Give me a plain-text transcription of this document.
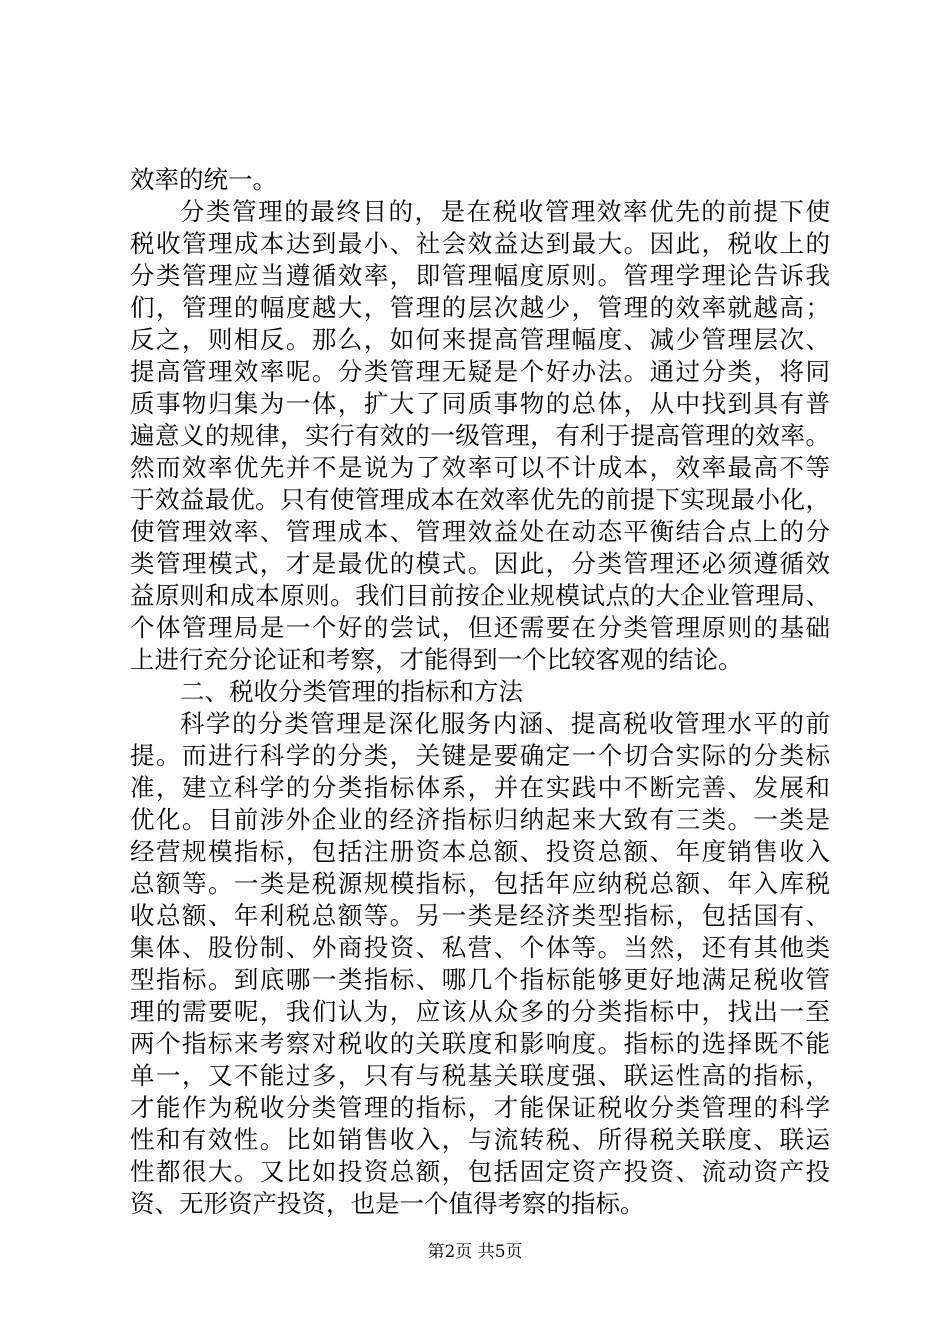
效率的统一。
分类管理的最终目的，是在税收管理效率优先的前提下使
税收管理成本达到最小、社会效益达到最大。因此，税收上的
分类管理应当遵循效率，即管理幅度原则。管理学理论告诉我
们，管理的幅度越大，管理的层次越少，管理的效率就越高；
反之，则相反。那么，如何来提高管理幅度、减少管理层次、
提高管理效率呢。分类管理无疑是个好办法。通过分类，将同
质事物归集为一体，扩大了同质事物的总体，从中找到具有普
遍意义的规律，实行有效的一级管理，有利于提高管理的效率。
然而效率优先并不是说为了效率可以不计成本，效率最高不等
于效益最优。只有使管理成本在效率优先的前提下实现最小化，
使管理效率、管理成本、管理效益处在动态平衡结合点上的分
类管理模式，才是最优的模式。因此，分类管理还必须遵循效
益原则和成本原则。我们目前按企业规模试点的大企业管理局、
个体管理局是一个好的尝试，但还需要在分类管理原则的基础
上进行充分论证和考察，才能得到一个比较客观的结论。
二、税收分类管理的指标和方法
科学的分类管理是深化服务内涵、提高税收管理水平的前
提。而进行科学的分类，关键是要确定一个切合实际的分类标
准，建立科学的分类指标体系，并在实践中不断完善、发展和
优化。目前涉外企业的经济指标归纳起来大致有三类。一类是
经营规模指标，包括注册资本总额、投资总额、年度销售收入
总额等。一类是税源规模指标，包括年应纳税总额、年入库税
收总额、年利税总额等。另一类是经济类型指标，包括国有、
集体、股份制、外商投资、私营、个体等。当然，还有其他类
型指标。到底哪一类指标、哪几个指标能够更好地满足税收管
理的需要呢，我们认为，应该从众多的分类指标中，找出一至
两个指标来考察对税收的关联度和影响度。指标的选择既不能
单一，又不能过多，只有与税基关联度强、联运性高的指标，
才能作为税收分类管理的指标，才能保证税收分类管理的科学
性和有效性。比如销售收入，与流转税、所得税关联度、联运
性都很大。又比如投资总额，包括固定资产投资、流动资产投
资、无形资产投资，也是一个值得考察的指标。
第2页 共5页
